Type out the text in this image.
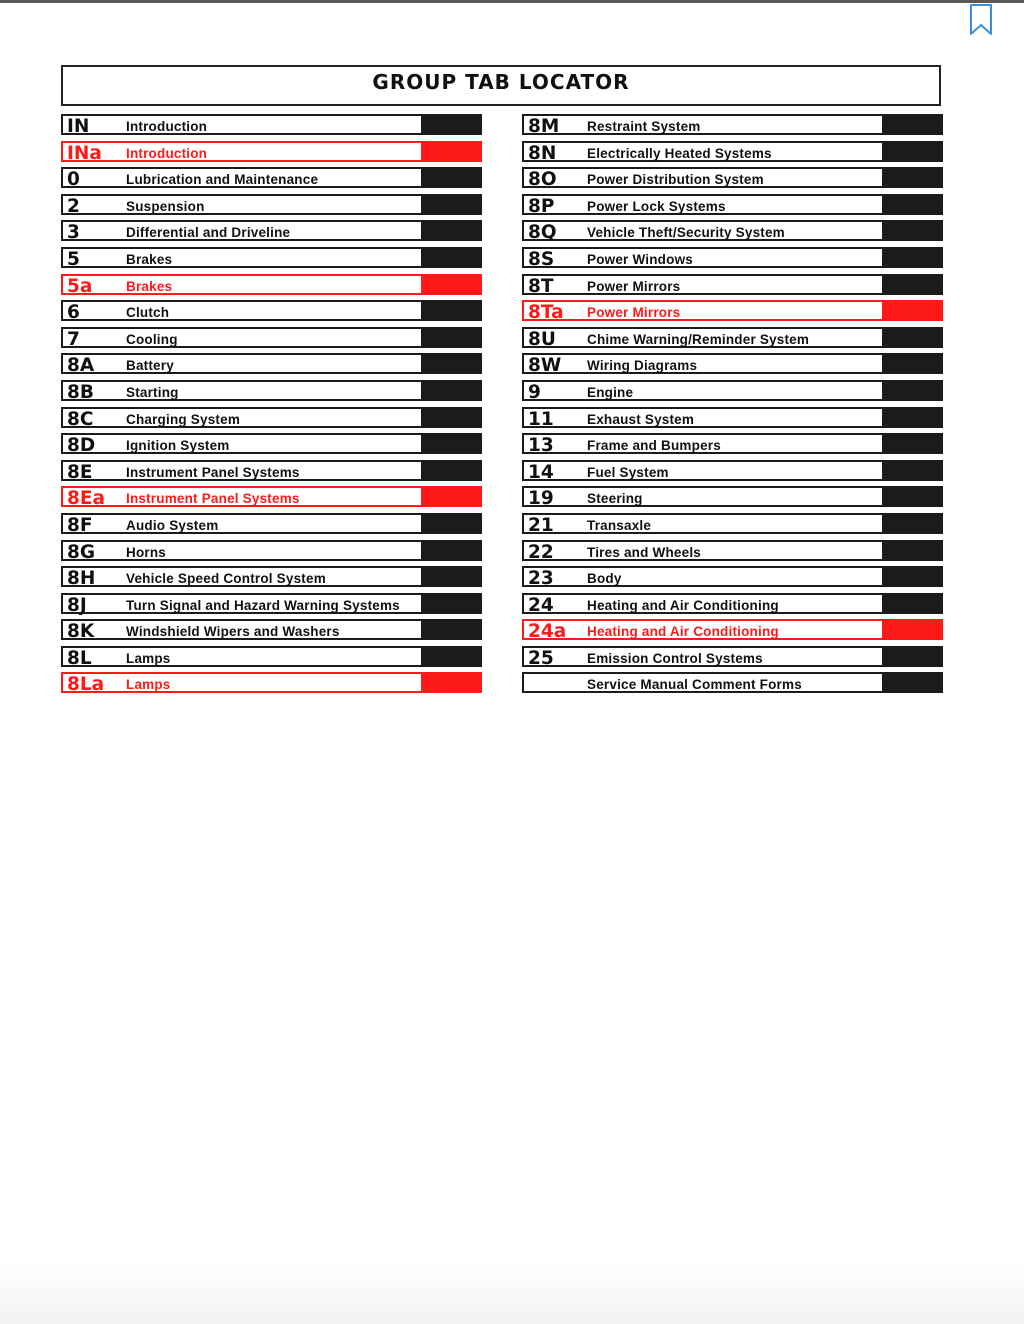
GROUP TAB LOCATOR
IN	Introduction
INa Introduction
0	Lubrication and Maintenance
2	Suspension
3	Differential and Driveline
5	Brakes
5a Brakes
6	Clutch
7	Cooling
8A Battery
8B Starting
8C Charging System
8D Ignition System
8E Instrument Panel Systems
8Ea Instrument Panel Systems
8F Audio System
8G Horns
8H Vehicle Speed Control System
8J	Turn Signal and Hazard Warning Systems
8K Windshield Wipers and Washers
8L	Lamps
8La Lamps
8M Restraint System
8N Electrically Heated Systems
8O Power Distribution System
8P Power Lock Systems
8Q Vehicle Theft/Security System
8S Power Windows
8T Power Mirrors
8Ta Power Mirrors
8U Chime Warning/Reminder System
8W Wiring Diagrams
9	Engine
11 Exhaust System
13 Frame and Bumpers
14 Fuel System
19 Steering
21 Transaxle
22 Tires and Wheels
23 Body
24 Heating and Air Conditioning
24a Heating and Air Conditioning
25 Emission Control Systems
Service Manual Comment Forms
